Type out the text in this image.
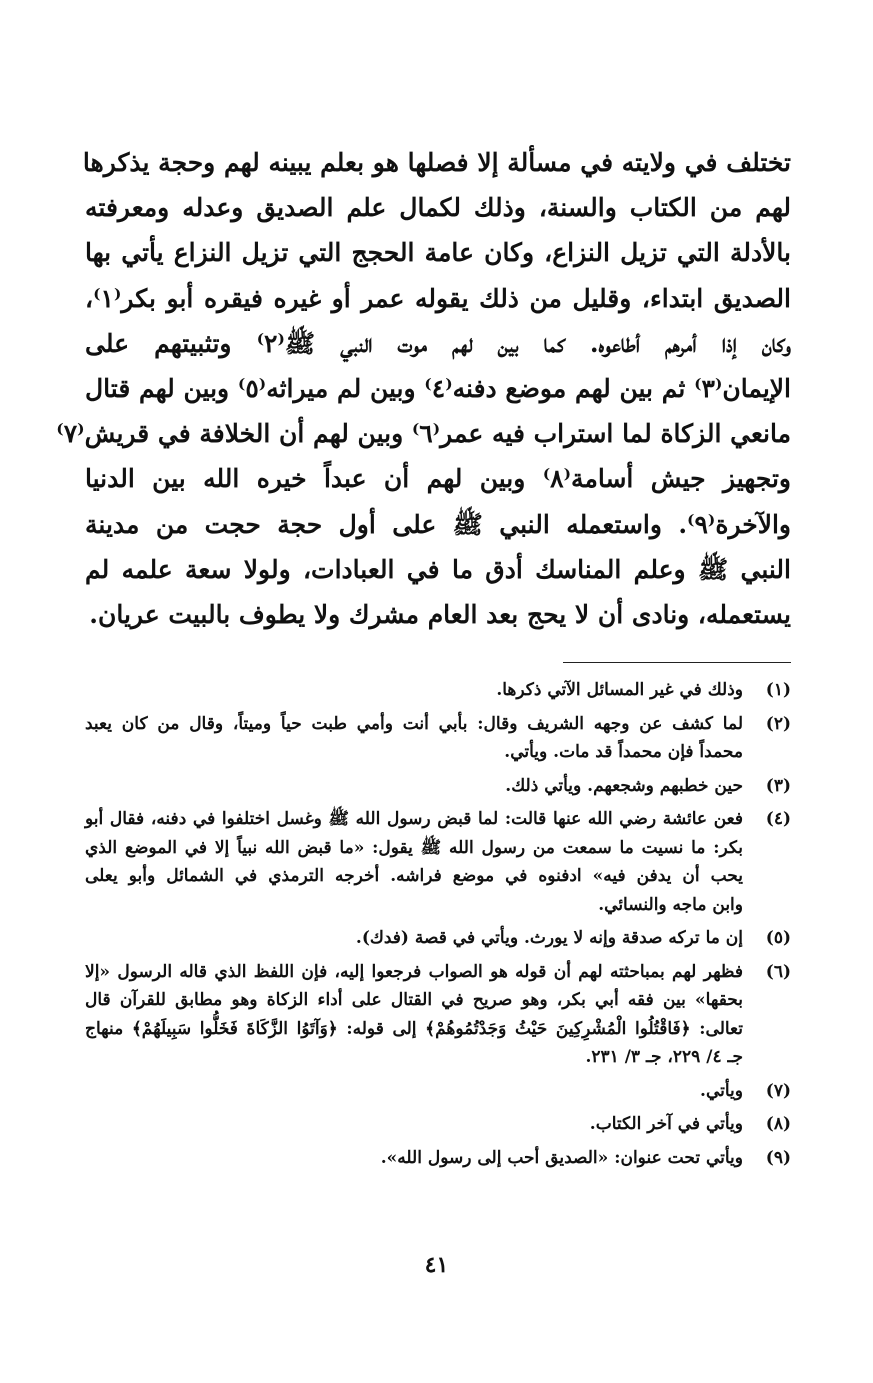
تختلف في ولايته في مسألة إلا فصلها هو بعلم يبينه لهم وحجة يذكرها
لهم من الكتاب والسنة، وذلك لكمال علم الصديق وعدله ومعرفته
بالأدلة التي تزيل النزاع، وكان عامة الحجج التي تزيل النزاع يأتي بها
الصديق ابتداء، وقليل من ذلك يقوله عمر أو غيره فيقره أبو بكر⁽١⁾،
وكان إذا أمرهم أطاعوه. كما بين لهم موت النبي ﷺ⁽٢⁾ وتثبيتهم على
الإيمان⁽٣⁾ ثم بين لهم موضع دفنه⁽٤⁾ وبين لم ميراثه⁽٥⁾ وبين لهم قتال
مانعي الزكاة لما استراب فيه عمر⁽٦⁾ وبين لهم أن الخلافة في قريش⁽٧⁾
وتجهيز جيش أسامة⁽٨⁾ وبين لهم أن عبداً خيره الله بين الدنيا
والآخرة⁽٩⁾. واستعمله النبي ﷺ على أول حجة حجت من مدينة
النبي ﷺ وعلم المناسك أدق ما في العبادات، ولولا سعة علمه لم
يستعمله، ونادى أن لا يحج بعد العام مشرك ولا يطوف بالبيت عريان.
(١)
وذلك في غير المسائل الآتي ذكرها.
(٢)
لما كشف عن وجهه الشريف وقال: بأبي أنت وأمي طبت حياً وميتاً، وقال من كان يعبد
محمداً فإن محمداً قد مات. ويأتي.
(٣)
حين خطبهم وشجعهم. ويأتي ذلك.
(٤)
فعن عائشة رضي الله عنها قالت: لما قبض رسول الله ﷺ وغسل اختلفوا في دفنه، فقال أبو
بكر: ما نسيت ما سمعت من رسول الله ﷺ يقول: «ما قبض الله نبياً إلا في الموضع الذي
يحب أن يدفن فيه» ادفنوه في موضع فراشه. أخرجه الترمذي في الشمائل وأبو يعلى
وابن ماجه والنسائي.
(٥)
إن ما تركه صدقة وإنه لا يورث. ويأتي في قصة (فدك).
(٦)
فظهر لهم بمباحثته لهم أن قوله هو الصواب فرجعوا إليه، فإن اللفظ الذي قاله الرسول «إلا
بحقها» بين فقه أبي بكر، وهو صريح في القتال على أداء الزكاة وهو مطابق للقرآن قال
تعالى: ﴿فَاقْتُلُوا الْمُشْرِكِينَ حَيْثُ وَجَدْتُمُوهُمْ﴾ إلى قوله: ﴿وَآتَوُا الزَّكَاةَ فَخَلُّوا سَبِيلَهُمْ﴾ منهاج
جـ ٤/ ٢٢٩، جـ ٣/ ٢٣١.
(٧)
ويأتي.
(٨)
ويأتي في آخر الكتاب.
(٩)
ويأتي تحت عنوان: «الصديق أحب إلى رسول الله».
٤١
